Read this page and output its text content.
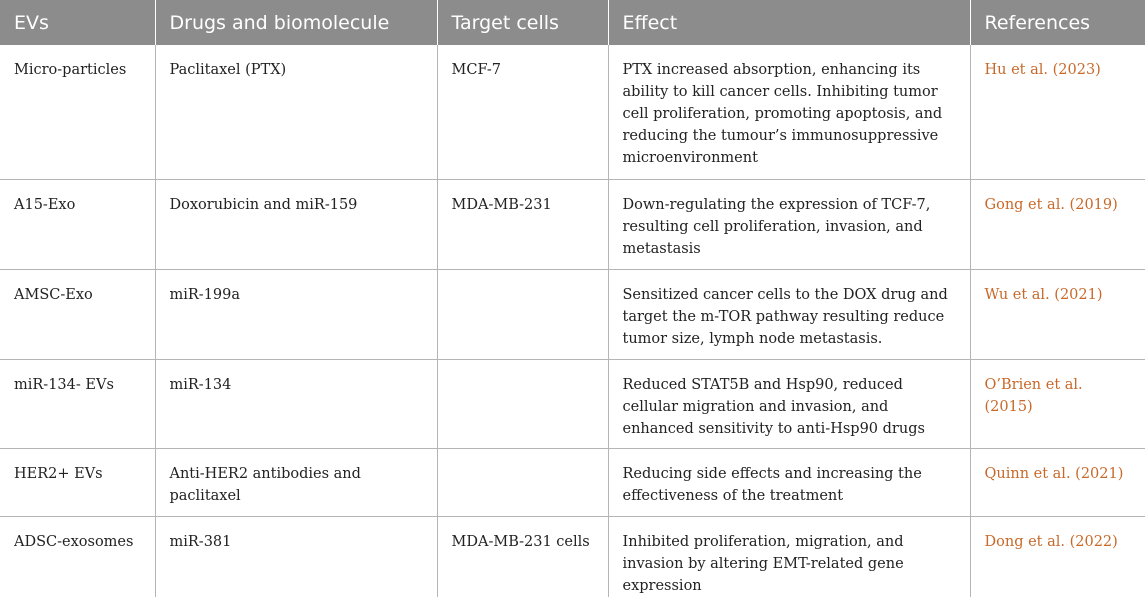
EVs	Drugs and biomolecule	Target cells	Effect	References
Micro-particles	Paclitaxel (PTX)	MCF-7	PTX increased absorption, enhancing its ability to kill cancer cells. Inhibiting tumor cell proliferation, promoting apoptosis, and reducing the tumour’s immunosuppressive microenvironment	Hu et al. (2023)
A15-Exo	Doxorubicin and miR-159	MDA-MB-231	Down-regulating the expression of TCF-7, resulting cell proliferation, invasion, and metastasis	Gong et al. (2019)
AMSC-Exo	miR-199a		Sensitized cancer cells to the DOX drug and target the m-TOR pathway resulting reduce tumor size, lymph node metastasis.	Wu et al. (2021)
miR-134- EVs	miR-134		Reduced STAT5B and Hsp90, reduced cellular migration and invasion, and enhanced sensitivity to anti-Hsp90 drugs	O’Brien et al. (2015)
HER2+ EVs	Anti-HER2 antibodies and paclitaxel		Reducing side effects and increasing the effectiveness of the treatment	Quinn et al. (2021)
ADSC-exosomes	miR-381	MDA-MB-231 cells	Inhibited proliferation, migration, and invasion by altering EMT-related gene expression	Dong et al. (2022)
